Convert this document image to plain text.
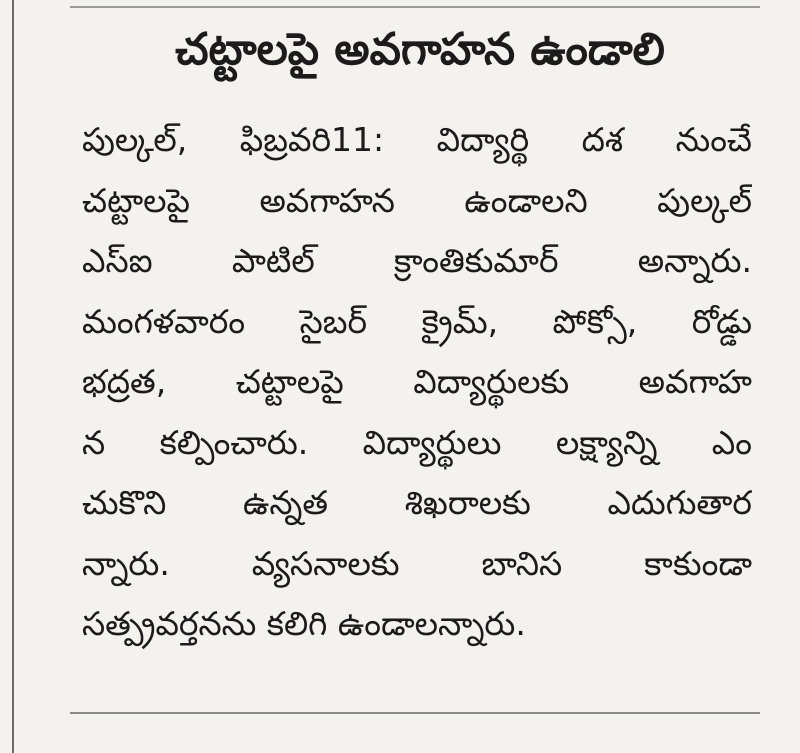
చట్టాలపై అవగాహన ఉండాలి
పుల్కల్, ఫిబ్రవరి11: విద్యార్థి దశ నుంచే
చట్టాలపై అవగాహన ఉండాలని పుల్కల్
ఎస్ఐ పాటిల్ క్రాంతికుమార్ అన్నారు.
మంగళవారం సైబర్ క్రైమ్, పోక్సో, రోడ్డు
భద్రత, చట్టాలపై విద్యార్థులకు అవగాహ
న కల్పించారు. విద్యార్థులు లక్ష్యాన్ని ఎం
చుకొని ఉన్నత శిఖరాలకు ఎదుగుతార
న్నారు. వ్యసనాలకు బానిస కాకుండా
సత్ప్రవర్తనను కలిగి ఉండాలన్నారు.
